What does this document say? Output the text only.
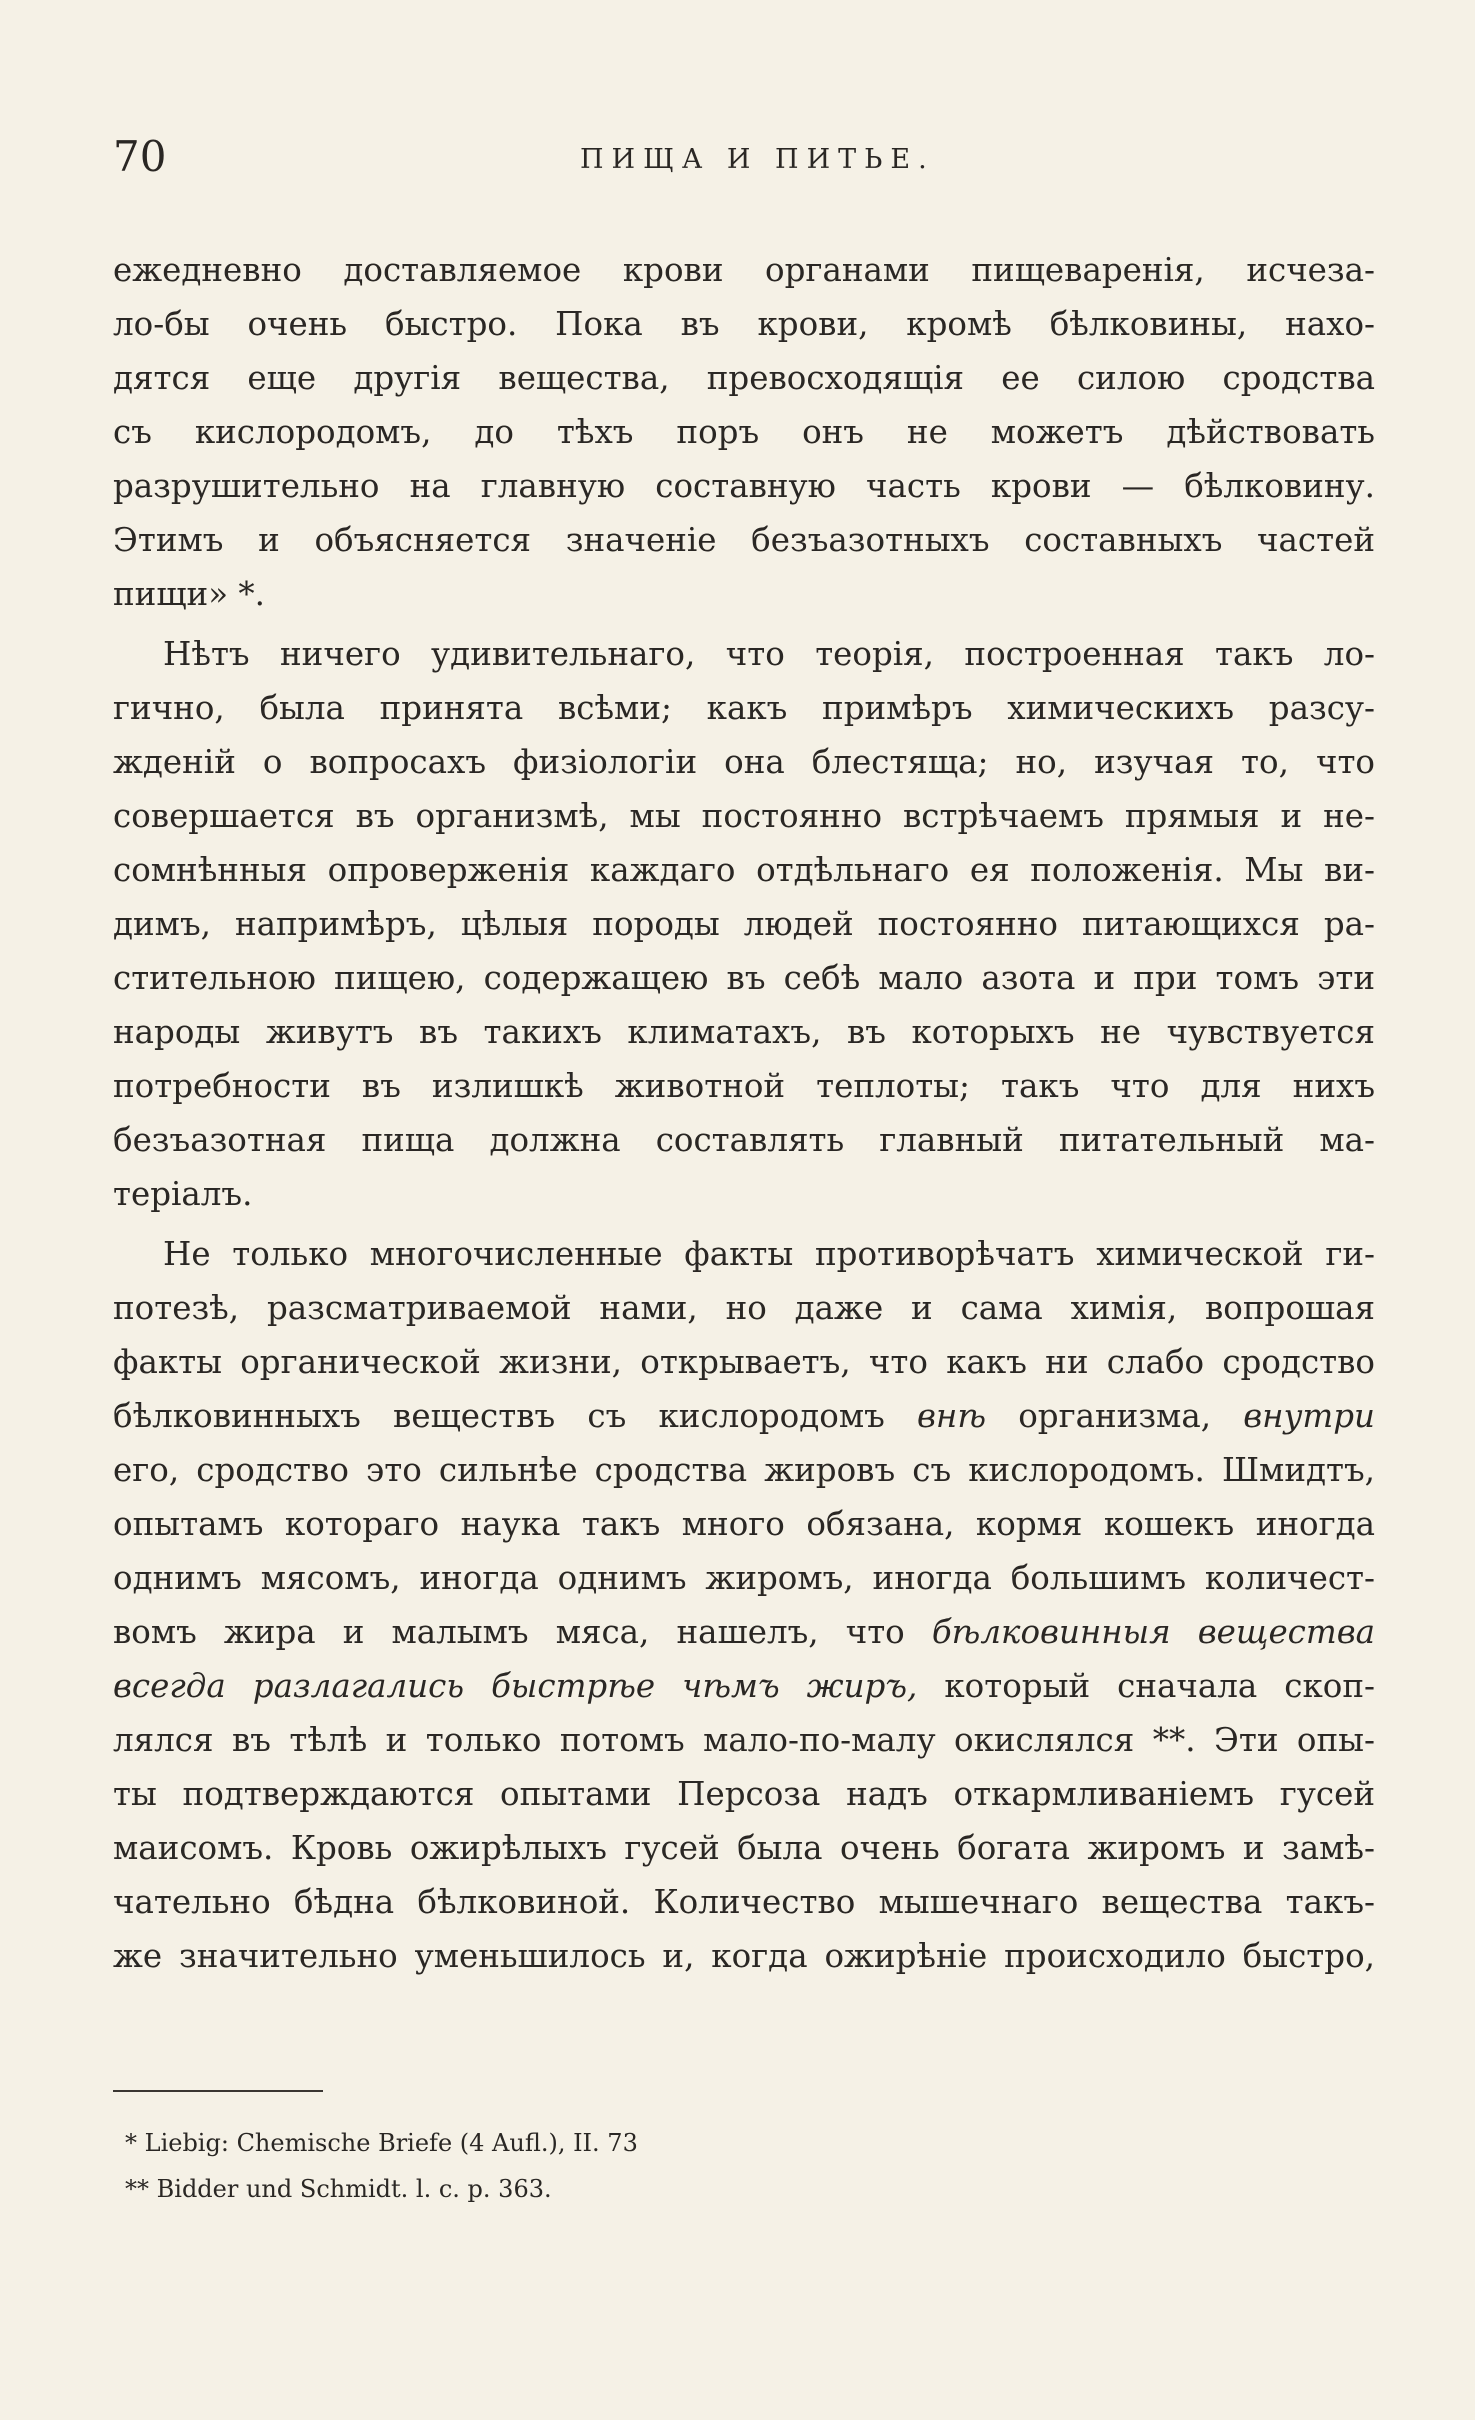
70	ПИЩА И ПИТЬЕ.
ежедневно доставляемое крови органами пищеваренія, исчеза-
ло-бы очень быстро. Пока въ крови, кромѣ бѣлковины, нахо-
дятся еще другія вещества, превосходящія ее силою сродства
съ кислородомъ, до тѣхъ поръ онъ не можетъ дѣйствовать
разрушительно на главную составную часть крови — бѣлковину.
Этимъ и объясняется значеніе безъазотныхъ составныхъ частей
пищи» *.
Нѣтъ ничего удивительнаго, что теорія, построенная такъ ло-
гично, была принята всѣми; какъ примѣръ химическихъ разсу-
жденій о вопросахъ физіологіи она блестяща; но, изучая то, что
совершается въ организмѣ, мы постоянно встрѣчаемъ прямыя и не-
сомнѣнныя опроверженія каждаго отдѣльнаго ея положенія. Мы ви-
димъ, напримѣръ, цѣлыя породы людей постоянно питающихся ра-
стительною пищею, содержащею въ себѣ мало азота и при томъ эти
народы живутъ въ такихъ климатахъ, въ которыхъ не чувствуется
потребности въ излишкѣ животной теплоты; такъ что для нихъ
безъазотная пища должна составлять главный питательный ма-
теріалъ.
Не только многочисленные факты противорѣчатъ химической ги-
потезѣ, разсматриваемой нами, но даже и сама химія, вопрошая
факты органической жизни, открываетъ, что какъ ни слабо сродство
бѣлковинныхъ веществъ съ кислородомъ внѣ организма, внутри
его, сродство это сильнѣе сродства жировъ съ кислородомъ. Шмидтъ,
опытамъ котораго наука такъ много обязана, кормя кошекъ иногда
однимъ мясомъ, иногда однимъ жиромъ, иногда большимъ количест-
вомъ жира и малымъ мяса, нашелъ, что бѣлковинныя вещества
всегда разлагались быстрѣе чѣмъ жиръ, который сначала скоп-
лялся въ тѣлѣ и только потомъ мало-по-малу окислялся **. Эти опы-
ты подтверждаются опытами Персоза надъ откармливаніемъ гусей
маисомъ. Кровь ожирѣлыхъ гусей была очень богата жиромъ и замѣ-
чательно бѣдна бѣлковиной. Количество мышечнаго вещества такъ-
же значительно уменьшилось и, когда ожирѣніе происходило быстро,
* Liebig: Chemische Briefe (4 Aufl.), II. 73
** Bidder und Schmidt. l. c. p. 363.
